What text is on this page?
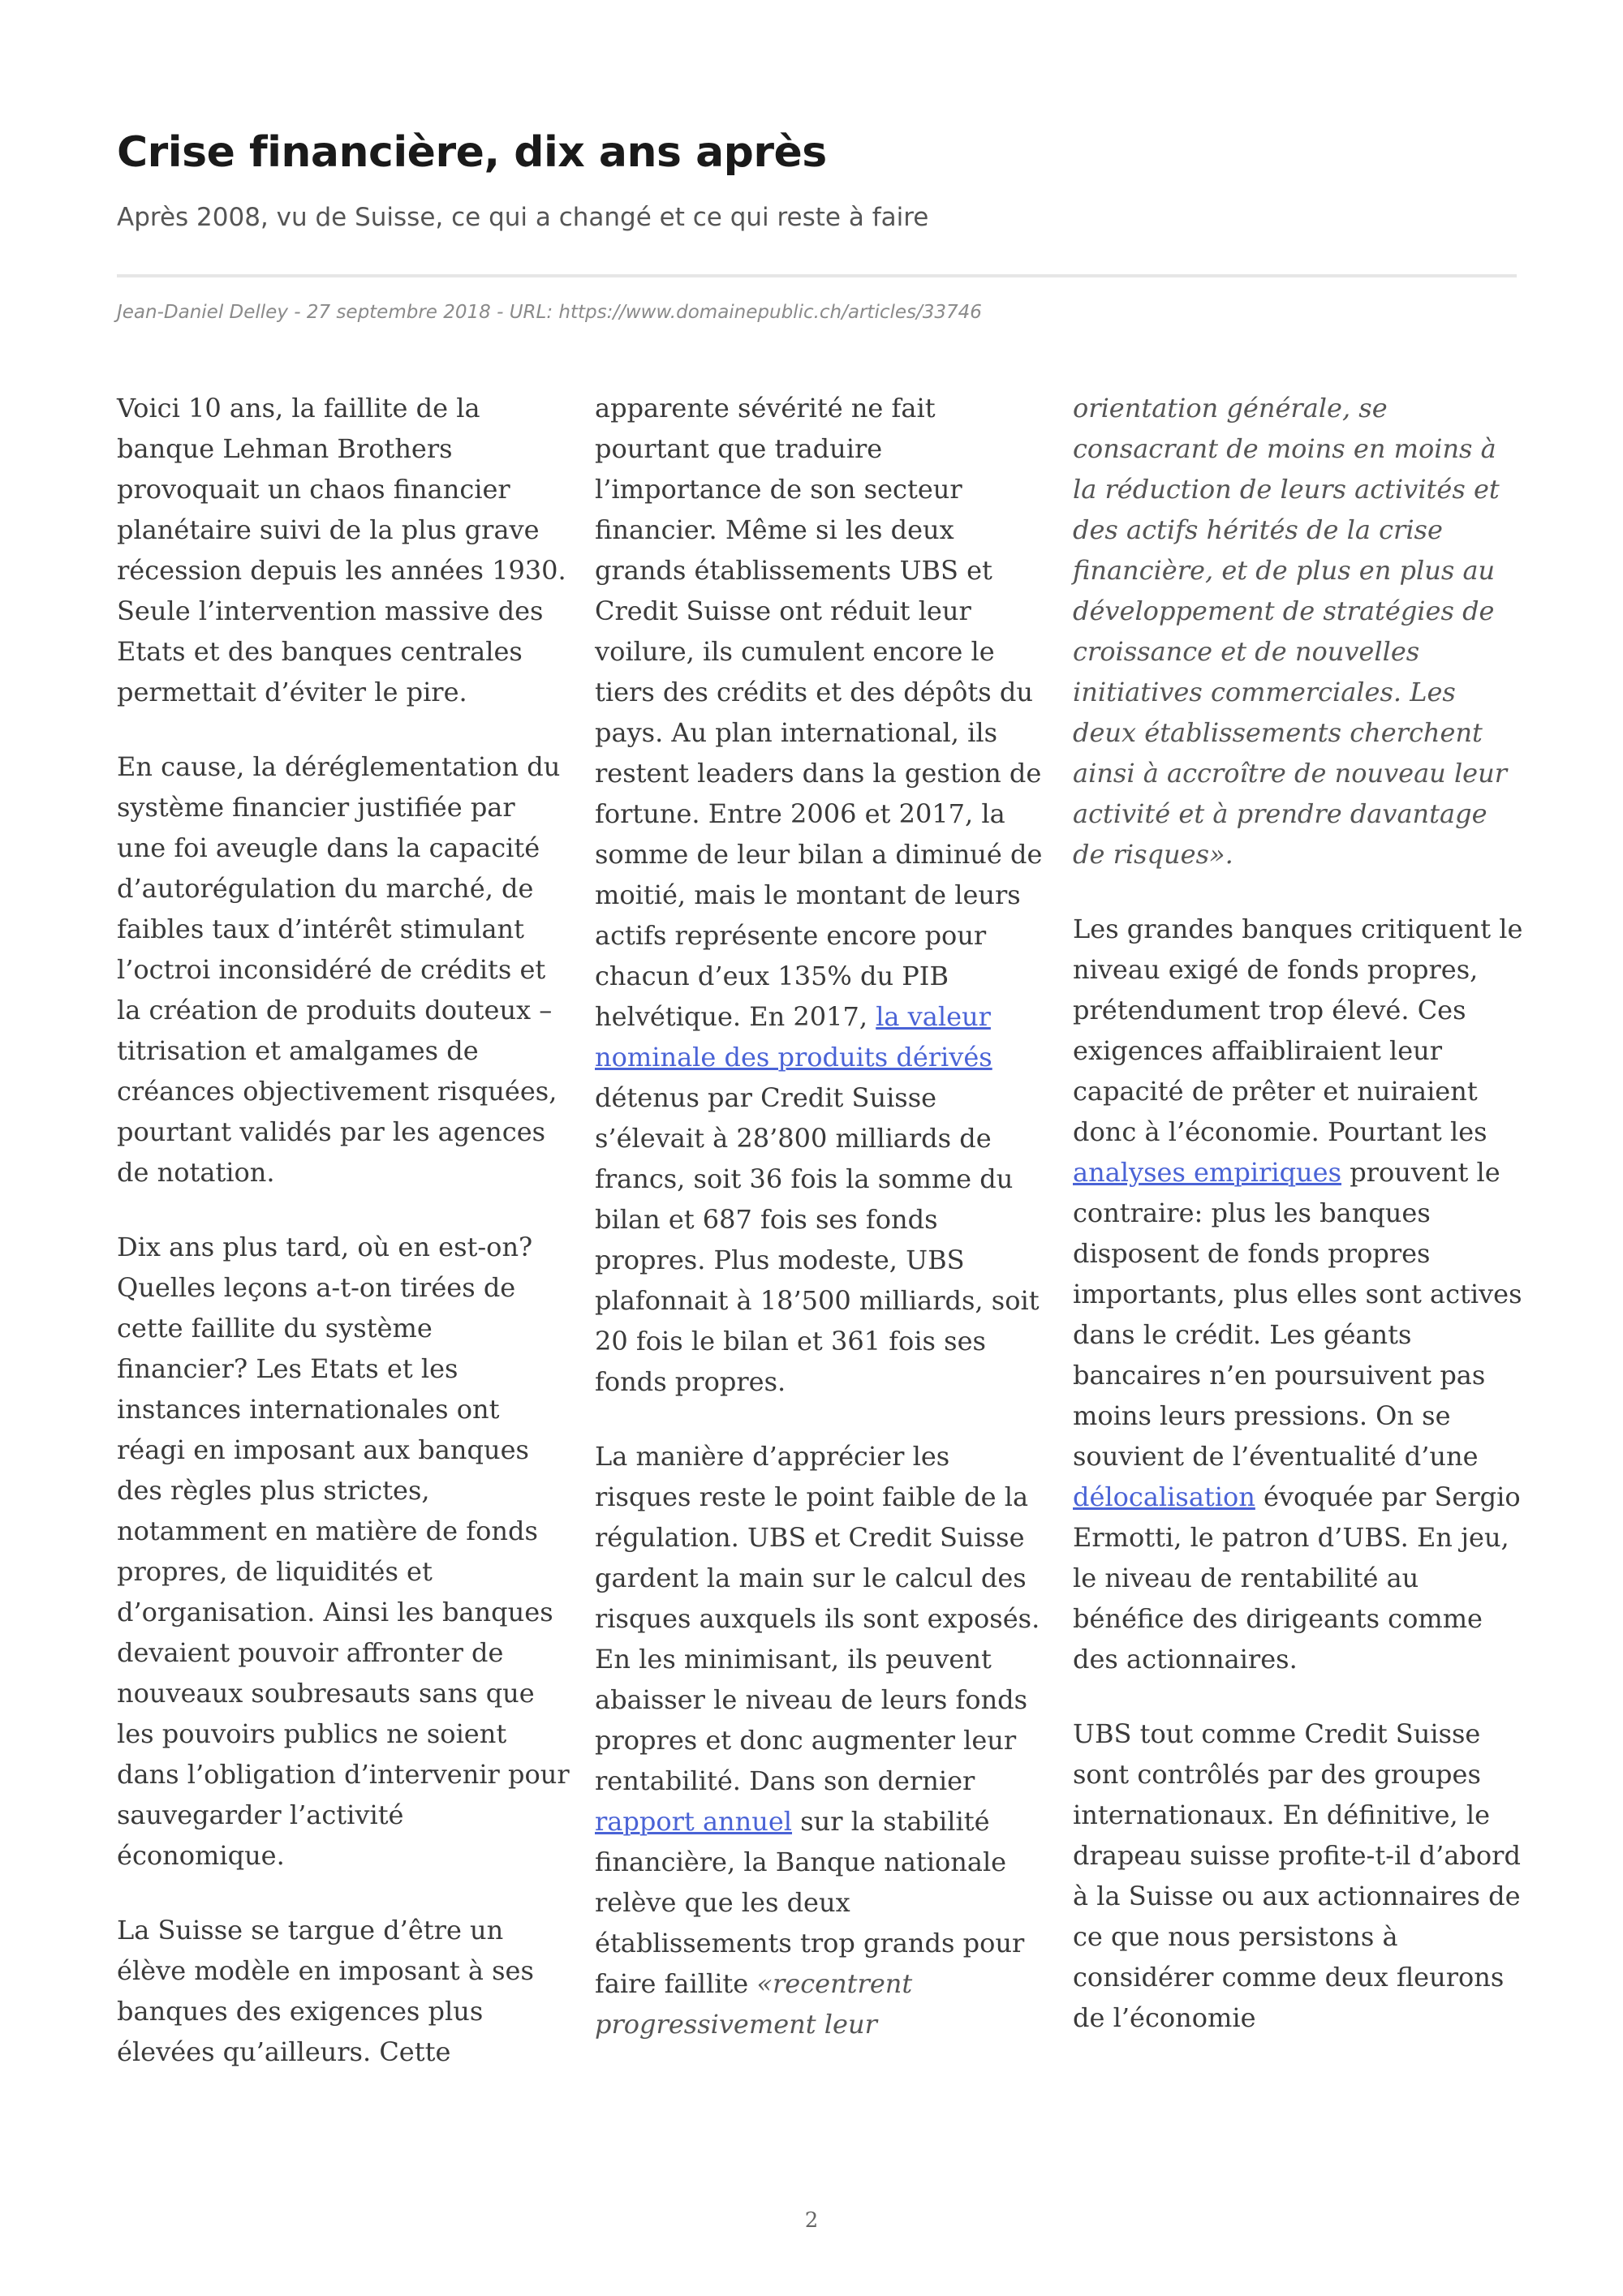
Crise financière, dix ans après
Après 2008, vu de Suisse, ce qui a changé et ce qui reste à faire
Jean-Daniel Delley - 27 septembre 2018 - URL: https://www.domainepublic.ch/articles/33746

Voici 10 ans, la faillite de la banque Lehman Brothers provoquait un chaos financier planétaire suivi de la plus grave récession depuis les années 1930. Seule l’intervention massive des Etats et des banques centrales permettait d’éviter le pire.

En cause, la déréglementation du système financier justifiée par une foi aveugle dans la capacité d’autorégulation du marché, de faibles taux d’intérêt stimulant l’octroi inconsidéré de crédits et la création de produits douteux – titrisation et amalgames de créances objectivement risquées, pourtant validés par les agences de notation.

Dix ans plus tard, où en est-on? Quelles leçons a-t-on tirées de cette faillite du système financier? Les Etats et les instances internationales ont réagi en imposant aux banques des règles plus strictes, notamment en matière de fonds propres, de liquidités et d’organisation. Ainsi les banques devaient pouvoir affronter de nouveaux soubresauts sans que les pouvoirs publics ne soient dans l’obligation d’intervenir pour sauvegarder l’activité économique.

La Suisse se targue d’être un élève modèle en imposant à ses banques des exigences plus élevées qu’ailleurs. Cette

apparente sévérité ne fait pourtant que traduire l’importance de son secteur financier. Même si les deux grands établissements UBS et Credit Suisse ont réduit leur voilure, ils cumulent encore le tiers des crédits et des dépôts du pays. Au plan international, ils restent leaders dans la gestion de fortune. Entre 2006 et 2017, la somme de leur bilan a diminué de moitié, mais le montant de leurs actifs représente encore pour chacun d’eux 135% du PIB helvétique. En 2017, la valeur nominale des produits dérivés détenus par Credit Suisse s’élevait à 28’800 milliards de francs, soit 36 fois la somme du bilan et 687 fois ses fonds propres. Plus modeste, UBS plafonnait à 18’500 milliards, soit 20 fois le bilan et 361 fois ses fonds propres.

La manière d’apprécier les risques reste le point faible de la régulation. UBS et Credit Suisse gardent la main sur le calcul des risques auxquels ils sont exposés. En les minimisant, ils peuvent abaisser le niveau de leurs fonds propres et donc augmenter leur rentabilité. Dans son dernier rapport annuel sur la stabilité financière, la Banque nationale relève que les deux établissements trop grands pour faire faillite «recentrent progressivement leur

orientation générale, se consacrant de moins en moins à la réduction de leurs activités et des actifs hérités de la crise financière, et de plus en plus au développement de stratégies de croissance et de nouvelles initiatives commerciales. Les deux établissements cherchent ainsi à accroître de nouveau leur activité et à prendre davantage de risques».

Les grandes banques critiquent le niveau exigé de fonds propres, prétendument trop élevé. Ces exigences affaibliraient leur capacité de prêter et nuiraient donc à l’économie. Pourtant les analyses empiriques prouvent le contraire: plus les banques disposent de fonds propres importants, plus elles sont actives dans le crédit. Les géants bancaires n’en poursuivent pas moins leurs pressions. On se souvient de l’éventualité d’une délocalisation évoquée par Sergio Ermotti, le patron d’UBS. En jeu, le niveau de rentabilité au bénéfice des dirigeants comme des actionnaires.

UBS tout comme Credit Suisse sont contrôlés par des groupes internationaux. En définitive, le drapeau suisse profite-t-il d’abord à la Suisse ou aux actionnaires de ce que nous persistons à considérer comme deux fleurons de l’économie

2
